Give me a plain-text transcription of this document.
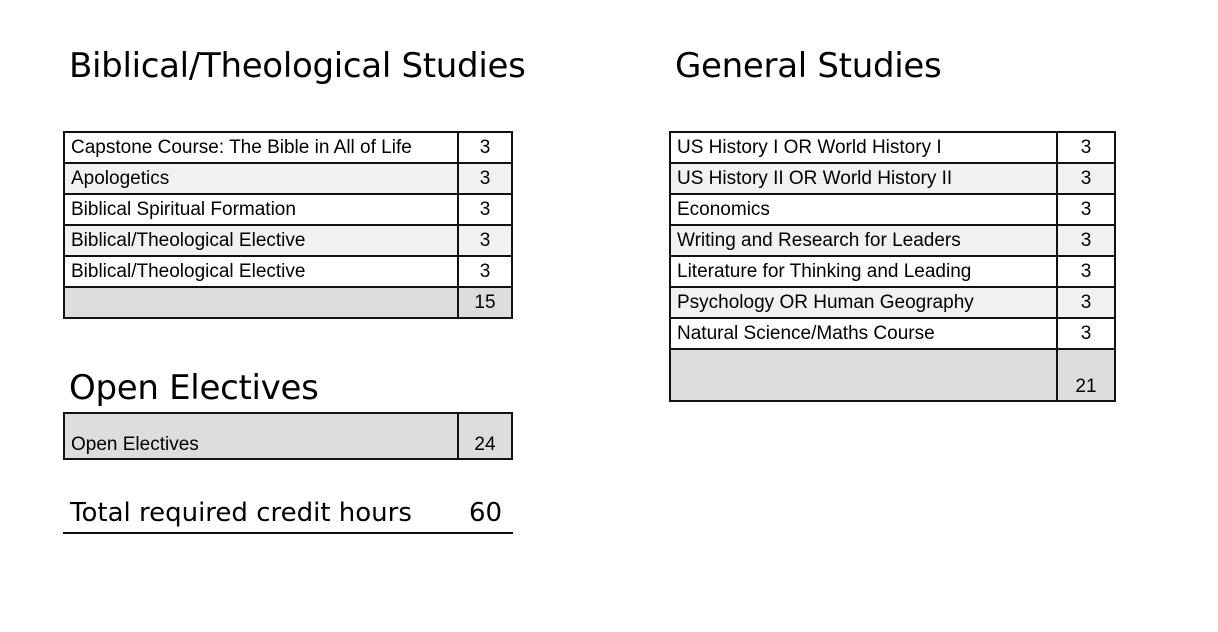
Biblical/Theological Studies
Capstone Course: The Bible in All of Life	3
Apologetics	3
Biblical Spiritual Formation	3
Biblical/Theological Elective	3
Biblical/Theological Elective	3
	15
General Studies
US History I OR World History I	3
US History II OR World History II	3
Economics	3
Writing and Research for Leaders	3
Literature for Thinking and Leading	3
Psychology OR Human Geography	3
Natural Science/Maths Course	3
	21
Open Electives
Open Electives	24
Total required credit hours 60
